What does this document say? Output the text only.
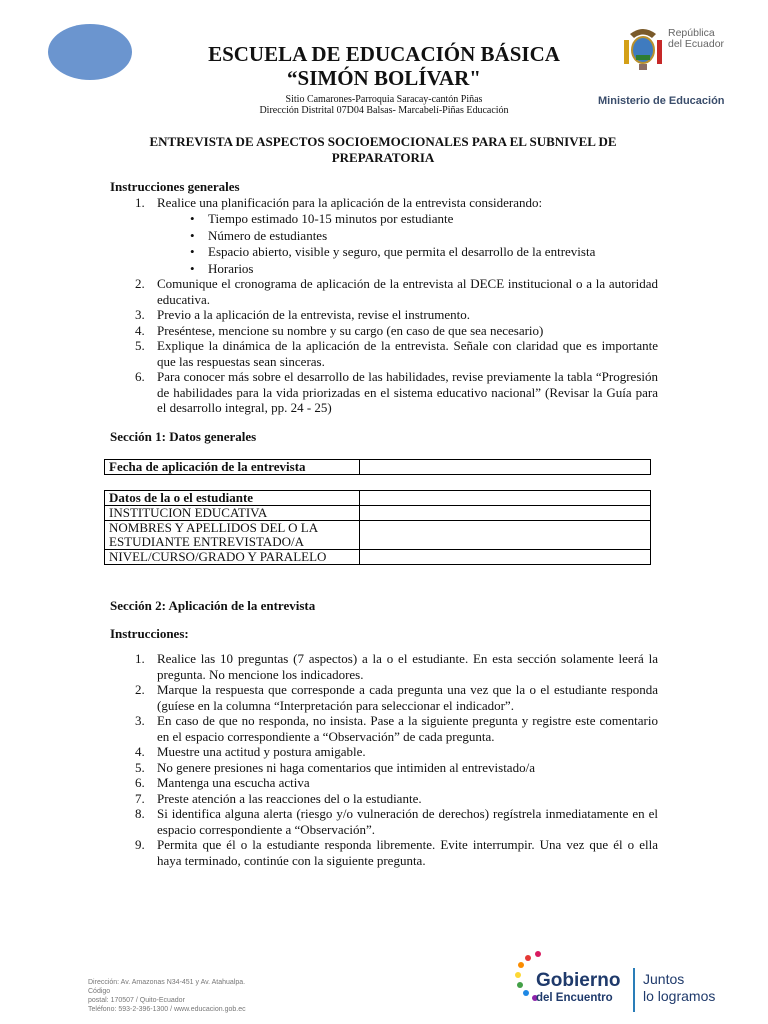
ESCUELA DE EDUCACIÓN BÁSICA
“SIMÓN BOLÍVAR"
Sitio Camarones-Parroquia Saracay-cantón Piñas
Dirección Distrital 07D04 Balsas- Marcabelí-Piñas Educación
República
del Ecuador
Ministerio de Educación
ENTREVISTA DE ASPECTOS SOCIOEMOCIONALES PARA EL SUBNIVEL DE
PREPARATORIA
Instrucciones generales
1. Realice una planificación para la aplicación de la entrevista considerando:
• Tiempo estimado 10-15 minutos por estudiante
• Número de estudiantes
• Espacio abierto, visible y seguro, que permita el desarrollo de la entrevista
• Horarios
2. Comunique el cronograma de aplicación de la entrevista al DECE institucional o a la autoridad educativa.
3. Previo a la aplicación de la entrevista, revise el instrumento.
4. Preséntese, mencione su nombre y su cargo (en caso de que sea necesario)
5. Explique la dinámica de la aplicación de la entrevista. Señale con claridad que es importante que las respuestas sean sinceras.
6. Para conocer más sobre el desarrollo de las habilidades, revise previamente la tabla “Progresión de habilidades para la vida priorizadas en el sistema educativo nacional” (Revisar la Guía para el desarrollo integral, pp. 24 - 25)
Sección 1: Datos generales
Fecha de aplicación de la entrevista	
Datos de la o el estudiante	
INSTITUCION EDUCATIVA	
NOMBRES Y APELLIDOS DEL O LA ESTUDIANTE ENTREVISTADO/A	
NIVEL/CURSO/GRADO Y PARALELO	
Sección 2: Aplicación de la entrevista
Instrucciones:
1. Realice las 10 preguntas (7 aspectos) a la o el estudiante. En esta sección solamente leerá la pregunta. No mencione los indicadores.
2. Marque la respuesta que corresponde a cada pregunta una vez que la o el estudiante responda (guíese en la columna “Interpretación para seleccionar el indicador”.
3. En caso de que no responda, no insista. Pase a la siguiente pregunta y registre este comentario en el espacio correspondiente a “Observación” de cada pregunta.
4. Muestre una actitud y postura amigable.
5. No genere presiones ni haga comentarios que intimiden al entrevistado/a
6. Mantenga una escucha activa
7. Preste atención a las reacciones del o la estudiante.
8. Si identifica alguna alerta (riesgo y/o vulneración de derechos) regístrela inmediatamente en el espacio correspondiente a “Observación”.
9. Permita que él o la estudiante responda libremente. Evite interrumpir. Una vez que él o ella haya terminado, continúe con la siguiente pregunta.
Dirección: Av. Amazonas N34-451 y Av. Atahualpa. Código
postal: 170507 / Quito-Ecuador
Teléfono: 593-2-396-1300 / www.educacion.gob.ec
Gobierno
del Encuentro
Juntos
lo logramos
